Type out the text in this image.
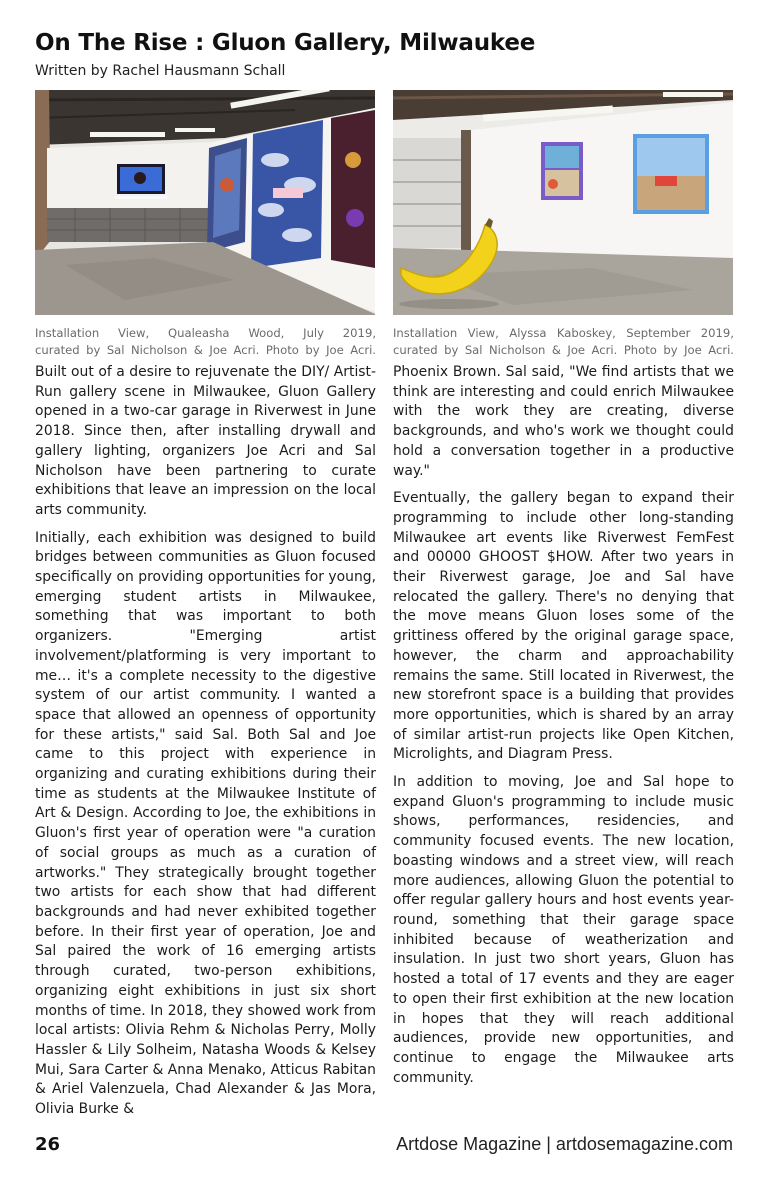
On The Rise : Gluon Gallery, Milwaukee
Written by Rachel Hausmann Schall

Installation View, Qualeasha Wood, July 2019,

curated by Sal Nicholson & Joe Acri. Photo by Joe Acri.

Installation View, Alyssa Kaboskey, September 2019,

curated by Sal Nicholson & Joe Acri. Photo by Joe Acri.

Built out of a desire to rejuvenate the DIY/ Artist-Run gallery scene in Milwaukee, Gluon Gallery opened in a two-car garage in Riverwest in June 2018. Since then, after installing drywall and gallery lighting, organizers Joe Acri and Sal Nicholson have been partnering to curate exhibitions that leave an impression on the local arts community.

Initially, each exhibition was designed to build bridges between communities as Gluon focused specifically on providing opportunities for young, emerging student artists in Milwaukee, something that was important to both organizers. "Emerging artist involvement/platforming is very important to me… it's a complete necessity to the digestive system of our artist community. I wanted a space that allowed an openness of opportunity for these artists," said Sal. Both Sal and Joe came to this project with experience in organizing and curating exhibitions during their time as students at the Milwaukee Institute of Art & Design. According to Joe, the exhibitions in Gluon's first year of operation were "a curation of social groups as much as a curation of artworks." They strategically brought together two artists for each show that had different backgrounds and had never exhibited together before. In their first year of operation, Joe and Sal paired the work of 16 emerging artists through curated, two-person exhibitions, organizing eight exhibitions in just six short months of time. In 2018, they showed work from local artists: Olivia Rehm & Nicholas Perry, Molly Hassler & Lily Solheim, Natasha Woods & Kelsey Mui, Sara Carter & Anna Menako, Atticus Rabitan & Ariel Valenzuela, Chad Alexander & Jas Mora, Olivia Burke &

Phoenix Brown. Sal said, "We find artists that we think are interesting and could enrich Milwaukee with the work they are creating, diverse backgrounds, and who's work we thought could hold a conversation together in a productive way."

Eventually, the gallery began to expand their programming to include other long-standing Milwaukee art events like Riverwest FemFest and 00000 GHOOST $HOW. After two years in their Riverwest garage, Joe and Sal have relocated the gallery. There's no denying that the move means Gluon loses some of the grittiness offered by the original garage space, however, the charm and approachability remains the same. Still located in Riverwest, the new storefront space is a building that provides more opportunities, which is shared by an array of similar artist-run projects like Open Kitchen, Microlights, and Diagram Press.

In addition to moving, Joe and Sal hope to expand Gluon's programming to include music shows, performances, residencies, and community focused events. The new location, boasting windows and a street view, will reach more audiences, allowing Gluon the potential to offer regular gallery hours and host events year-round, something that their garage space inhibited because of weatherization and insulation. In just two short years, Gluon has hosted a total of 17 events and they are eager to open their first exhibition at the new location in hopes that they will reach additional audiences, provide new opportunities, and continue to engage the Milwaukee arts community.

26	Artdose Magazine | artdosemagazine.com
